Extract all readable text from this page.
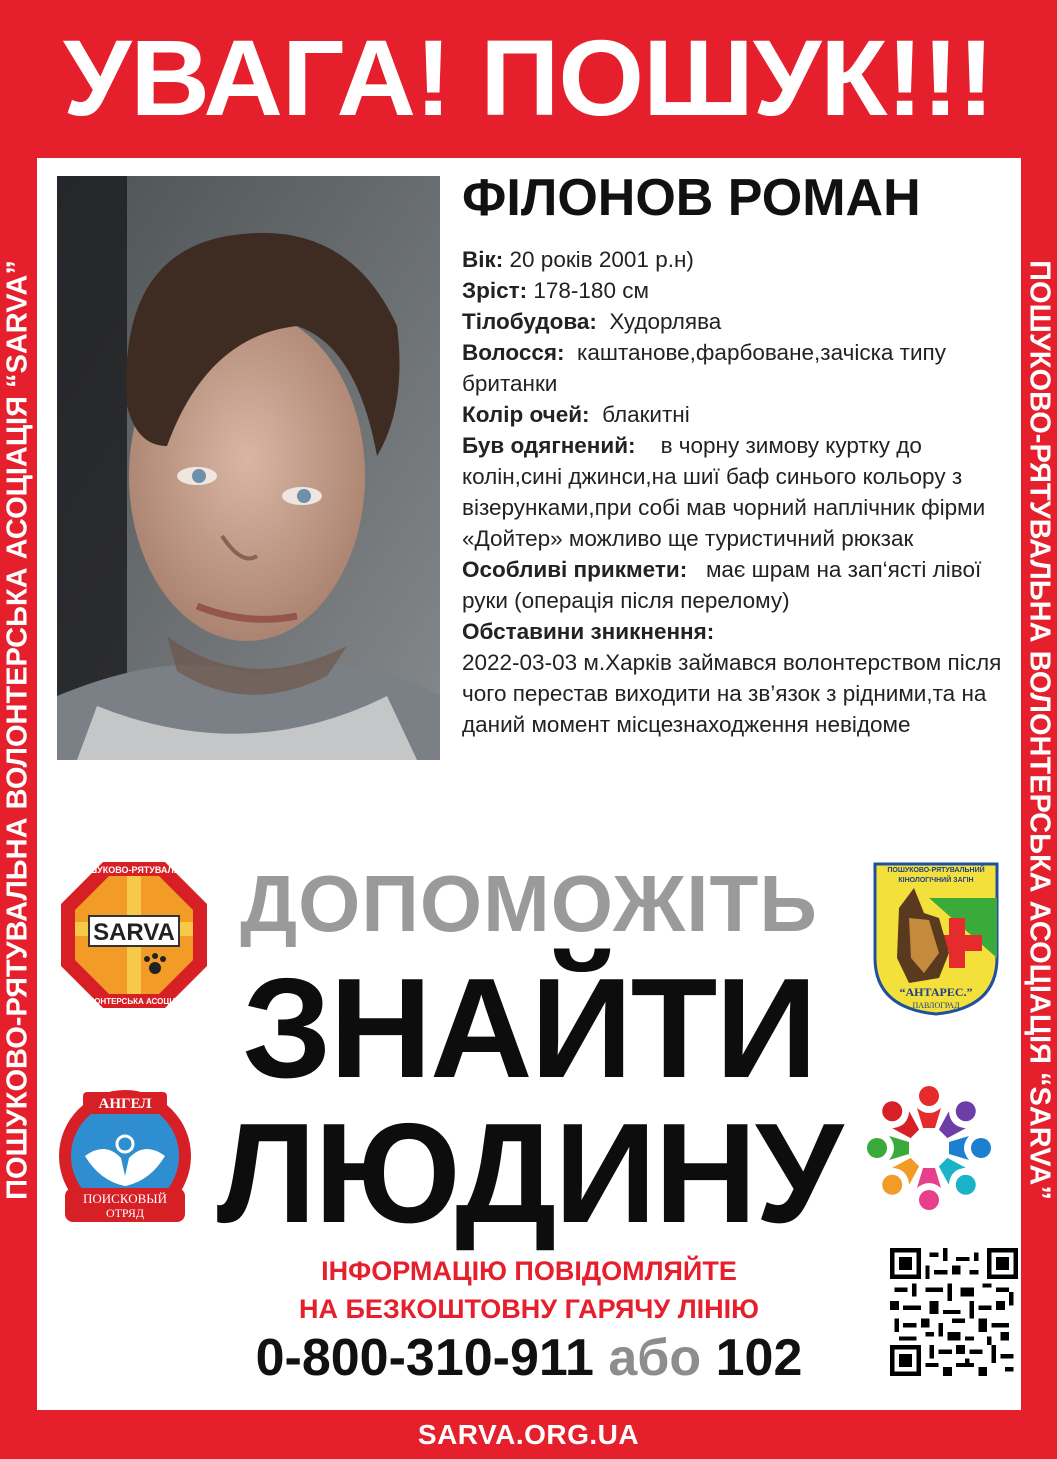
УВАГА! ПОШУК!!!
ПОШУКОВО-РЯТУВАЛЬНА ВОЛОНТЕРСЬКА АСОЦІАЦІЯ “SARVA”	ПОШУКОВО-РЯТУВАЛЬНА ВОЛОНТЕРСЬКА АСОЦІАЦІЯ “SARVA”
ФІЛОНОВ РОМАН

Вік: 20 років 2001 р.н)

Зріст: 178-180 см

Тілобудова: Худорлява

Волосся: каштанове,фарбоване,зачіска типу британки

Колір очей: блакитні

Був одягнений: в чорну зимову куртку до колін,сині джинси,на шиї баф синього кольору з візерунками,при собі мав чорний наплічник фірми «Дойтер» можливо ще туристичний рюкзак

Особливі прикмети: має шрам на зап‘ясті лівої руки (операція після перелому)

Обставини зникнення:
2022-03-03 м.Харків займався волонтерством після чого перестав виходити на зв’язок з рідними,та на даний момент місцезнаходження невідоме

ДОПОМОЖІТЬ
ЗНАЙТИ
ЛЮДИНУ
SARVA
ПОШУКОВО-РЯТУВАЛЬНА
ВОЛОНТЕРСЬКА АСОЦІАЦІЯ
ПОШУКОВО-РЯТУВАЛЬНИЙ
КІНОЛОГІЧНИЙ ЗАГІН
“АНТАРЕС.”
ПАВЛОГРАД
АНГЕЛ
ПОИСКОВЫЙ
ОТРЯД
ІНФОРМАЦІЮ ПОВІДОМЛЯЙТЕ
НА БЕЗКОШТОВНУ ГАРЯЧУ ЛІНІЮ
0-800-310-911 або 102
SARVA.ORG.UA
